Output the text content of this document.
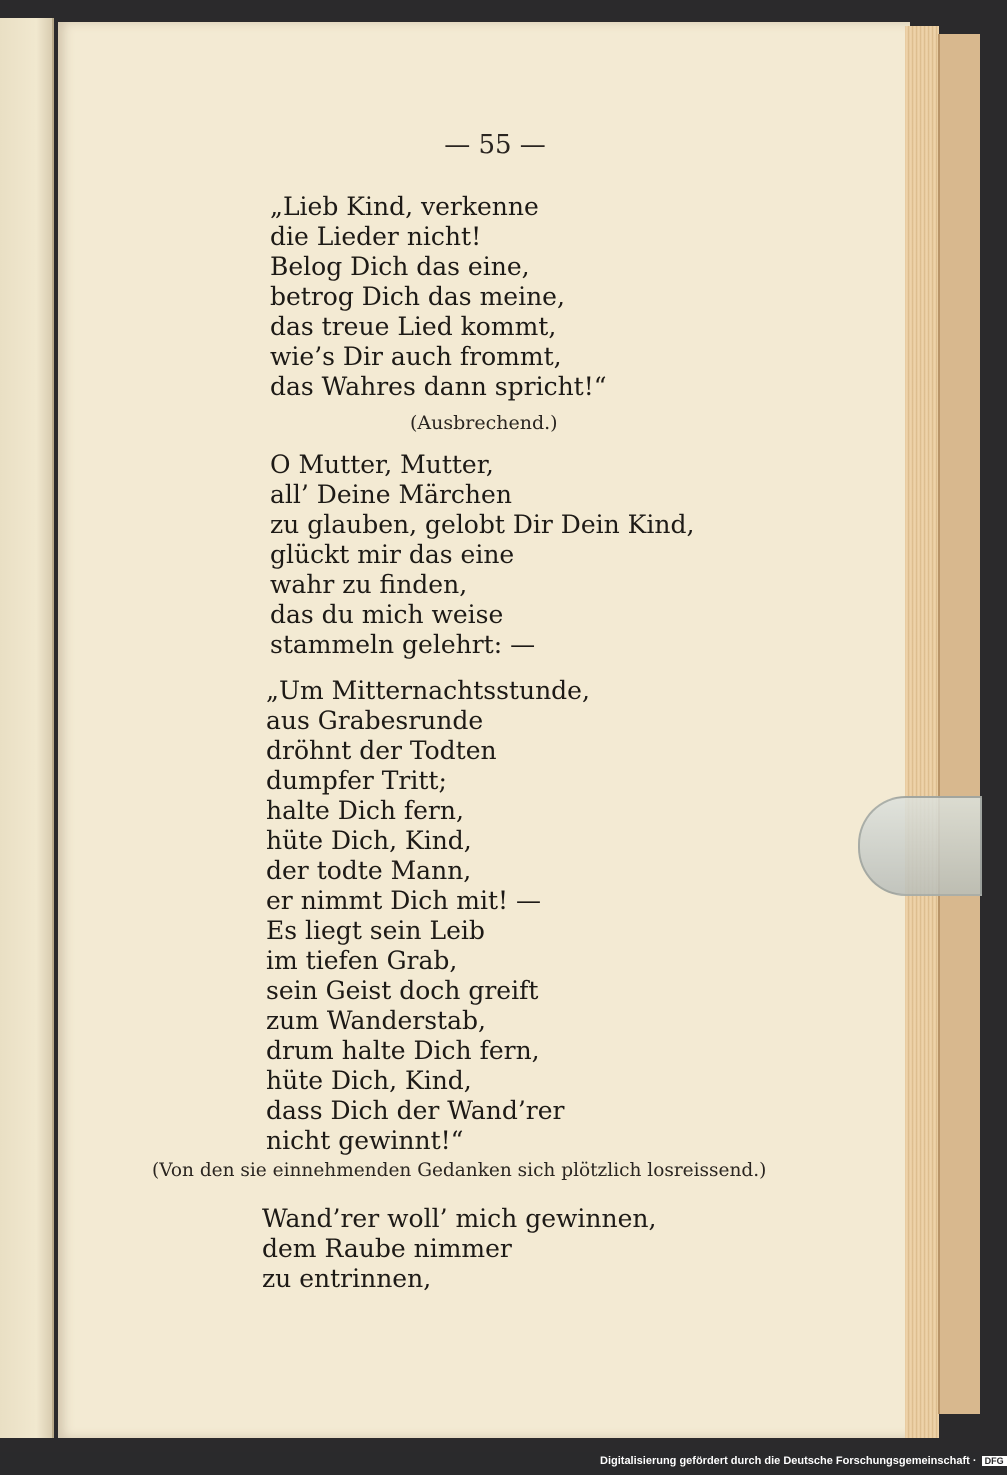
— 55 —
„Lieb Kind, verkenne
die Lieder nicht!
Belog Dich das eine,
betrog Dich das meine,
das treue Lied kommt,
wie’s Dir auch frommt,
das Wahres dann spricht!“
(Ausbrechend.)
O Mutter, Mutter,
all’ Deine Märchen
zu glauben, gelobt Dir Dein Kind,
glückt mir das eine
wahr zu finden,
das du mich weise
stammeln gelehrt: —
„Um Mitternachtsstunde,
aus Grabesrunde
dröhnt der Todten
dumpfer Tritt;
halte Dich fern,
hüte Dich, Kind,
der todte Mann,
er nimmt Dich mit! —
Es liegt sein Leib
im tiefen Grab,
sein Geist doch greift
zum Wanderstab,
drum halte Dich fern,
hüte Dich, Kind,
dass Dich der Wand’rer
nicht gewinnt!“
(Von den sie einnehmenden Gedanken sich plötzlich losreissend.)
Wand’rer woll’ mich gewinnen,
dem Raube nimmer
zu entrinnen,
Digitalisierung gefördert durch die Deutsche Forschungsgemeinschaft · DFG
